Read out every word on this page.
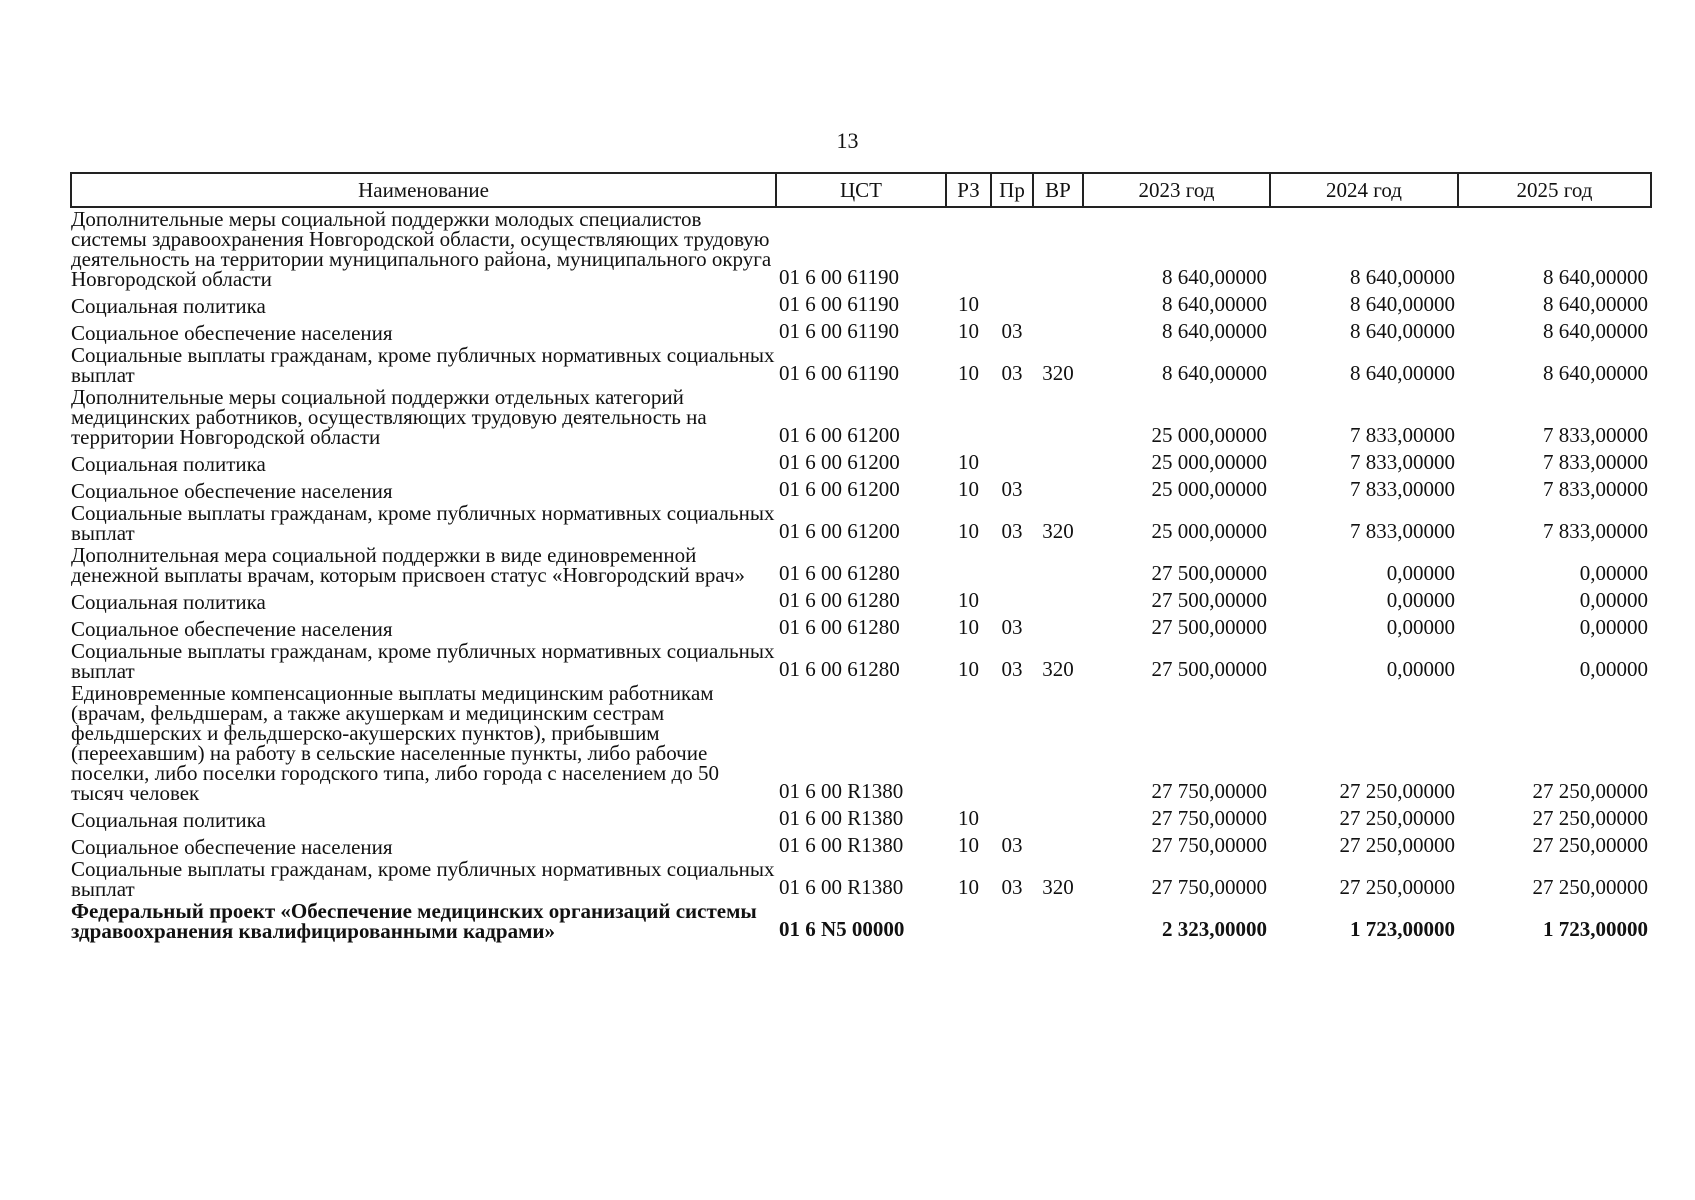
13
Наименование	ЦСТ	РЗ	Пр	ВР	2023 год	2024 год	2025 год
Дополнительные меры социальной поддержки молодых специалистов системы здравоохранения Новгородской области, осуществляющих трудовую деятельность на территории муниципального района, муниципального округа Новгородской области	01 6 00 61190				8 640,00000	8 640,00000	8 640,00000
Социальная политика	01 6 00 61190	10			8 640,00000	8 640,00000	8 640,00000
Социальное обеспечение населения	01 6 00 61190	10	03		8 640,00000	8 640,00000	8 640,00000
Социальные выплаты гражданам, кроме публичных нормативных социальных выплат	01 6 00 61190	10	03	320	8 640,00000	8 640,00000	8 640,00000
Дополнительные меры социальной поддержки отдельных категорий медицинских работников, осуществляющих трудовую деятельность на территории Новгородской области	01 6 00 61200				25 000,00000	7 833,00000	7 833,00000
Социальная политика	01 6 00 61200	10			25 000,00000	7 833,00000	7 833,00000
Социальное обеспечение населения	01 6 00 61200	10	03		25 000,00000	7 833,00000	7 833,00000
Социальные выплаты гражданам, кроме публичных нормативных социальных выплат	01 6 00 61200	10	03	320	25 000,00000	7 833,00000	7 833,00000
Дополнительная мера социальной поддержки в виде единовременной денежной выплаты врачам, которым присвоен статус «Новгородский врач»	01 6 00 61280				27 500,00000	0,00000	0,00000
Социальная политика	01 6 00 61280	10			27 500,00000	0,00000	0,00000
Социальное обеспечение населения	01 6 00 61280	10	03		27 500,00000	0,00000	0,00000
Социальные выплаты гражданам, кроме публичных нормативных социальных выплат	01 6 00 61280	10	03	320	27 500,00000	0,00000	0,00000
Единовременные компенсационные выплаты медицинским работникам (врачам, фельдшерам, а также акушеркам и медицинским сестрам фельдшерских и фельдшерско-акушерских пунктов), прибывшим (переехавшим) на работу в сельские населенные пункты, либо рабочие поселки, либо поселки городского типа, либо города с населением до 50 тысяч человек	01 6 00 R1380				27 750,00000	27 250,00000	27 250,00000
Социальная политика	01 6 00 R1380	10			27 750,00000	27 250,00000	27 250,00000
Социальное обеспечение населения	01 6 00 R1380	10	03		27 750,00000	27 250,00000	27 250,00000
Социальные выплаты гражданам, кроме публичных нормативных социальных выплат	01 6 00 R1380	10	03	320	27 750,00000	27 250,00000	27 250,00000
Федеральный проект «Обеспечение медицинских организаций системы здравоохранения квалифицированными кадрами»	01 6 N5 00000				2 323,00000	1 723,00000	1 723,00000
